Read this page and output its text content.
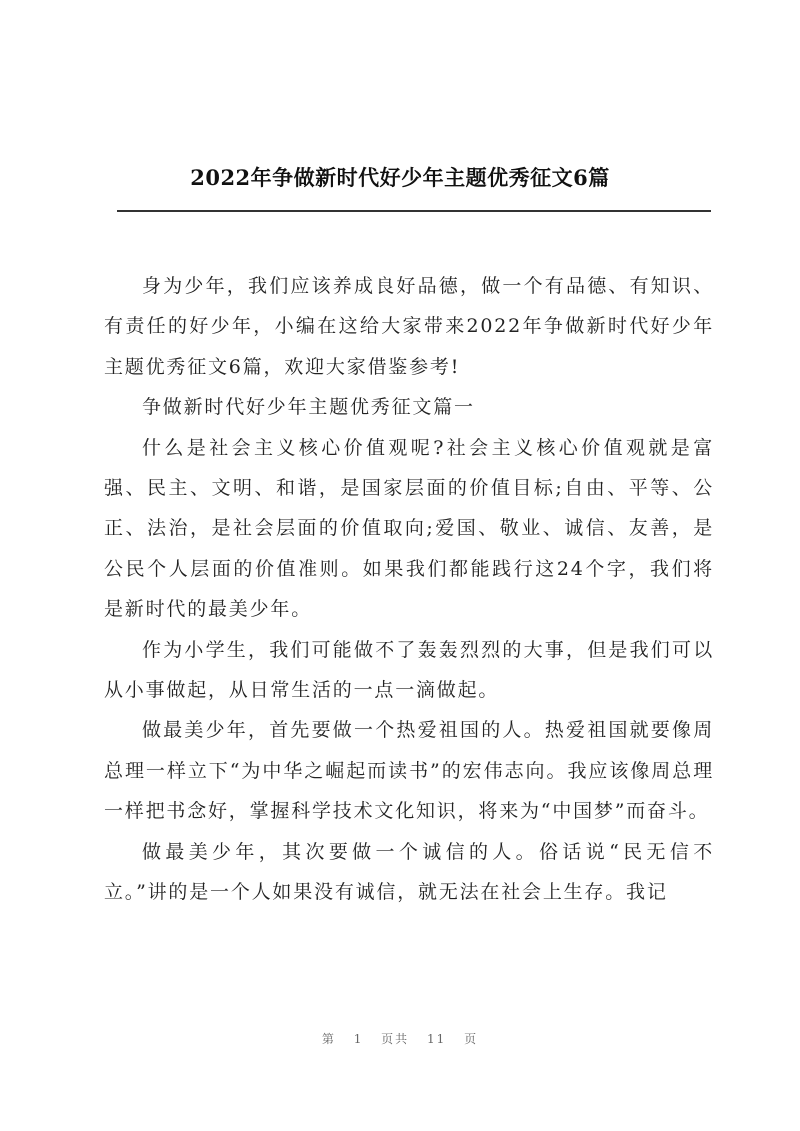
2022年争做新时代好少年主题优秀征文6篇

身为少年，我们应该养成良好品德，做一个有品德、有知识、有责任的好少年，小编在这给大家带来2022年争做新时代好少年主题优秀征文6篇，欢迎大家借鉴参考!

争做新时代好少年主题优秀征文篇一

什么是社会主义核心价值观呢?社会主义核心价值观就是富强、民主、文明、和谐，是国家层面的价值目标;自由、平等、公正、法治，是社会层面的价值取向;爱国、敬业、诚信、友善，是公民个人层面的价值准则。如果我们都能践行这24个字，我们将是新时代的最美少年。

作为小学生，我们可能做不了轰轰烈烈的大事，但是我们可以从小事做起，从日常生活的一点一滴做起。

做最美少年，首先要做一个热爱祖国的人。热爱祖国就要像周总理一样立下“为中华之崛起而读书”的宏伟志向。我应该像周总理一样把书念好，掌握科学技术文化知识，将来为“中国梦”而奋斗。

做最美少年，其次要做一个诚信的人。俗话说“民无信不立。”讲的是一个人如果没有诚信，就无法在社会上生存。我记

第 1 页共 11 页
